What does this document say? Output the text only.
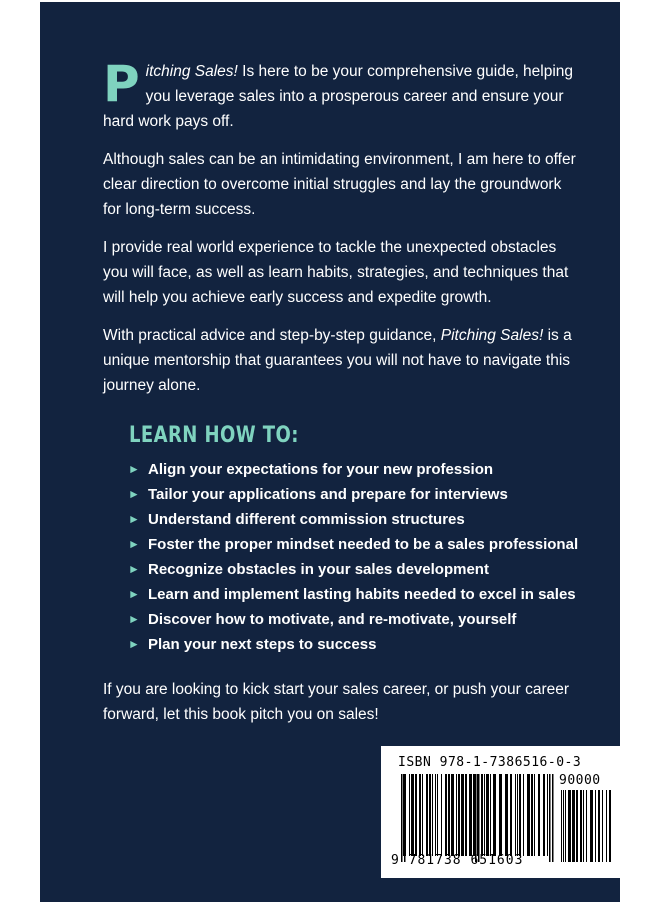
Pitching Sales! Is here to be your comprehensive guide, helping you leverage sales into a prosperous career and ensure your hard work pays off.
Although sales can be an intimidating environment, I am here to offer clear direction to overcome initial struggles and lay the groundwork for long-term success.
I provide real world experience to tackle the unexpected obstacles you will face, as well as learn habits, strategies, and techniques that will help you achieve early success and expedite growth.
With practical advice and step-by-step guidance, Pitching Sales! is a unique mentorship that guarantees you will not have to navigate this journey alone.
LEARN HOW TO:
► Align your expectations for your new profession
► Tailor your applications and prepare for interviews
► Understand different commission structures
► Foster the proper mindset needed to be a sales professional
► Recognize obstacles in your sales development
► Learn and implement lasting habits needed to excel in sales
► Discover how to motivate, and re-motivate, yourself
► Plan your next steps to success
If you are looking to kick start your sales career, or push your career forward, let this book pitch you on sales!
ISBN 978-1-7386516-0-3
90000
9 781738 651603
